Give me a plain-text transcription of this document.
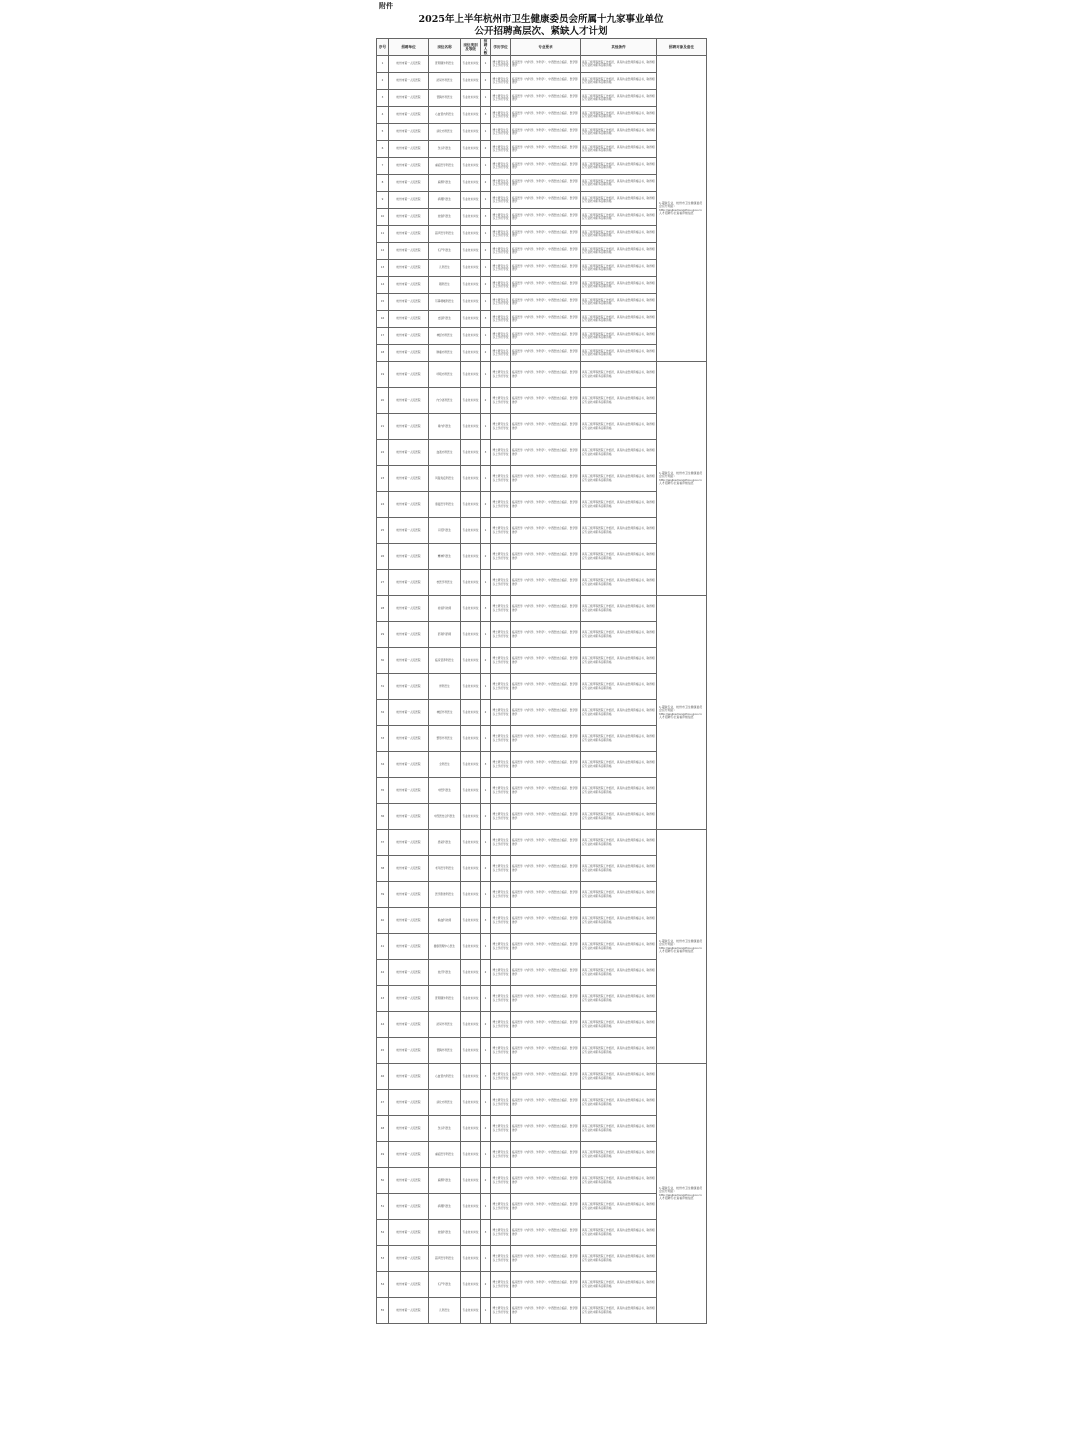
附件
2025年上半年杭州市卫生健康委员会所属十九家事业单位
公开招聘高层次、紧缺人才计划
序号	招聘单位	岗位名称	岗位类别及等级	招聘人数	学历学位	专业要求	其他条件	招聘对象及备注
1	杭州市第一人民医院	肝胆胰外科医生	专业技术岗位	1	博士研究生及以上学历学位	临床医学（内科学、外科学）、中西医结合临床、医学影像学	具有三级甲等医院工作经历，具有执业医师资格证书，取得相应专业技术职务任职资格	1.紧缺专业，杭州市卫生健康委员会官方网站：http://wsjkw.hangzhou.gov.cn 人才招聘专栏查看详细信息
2	杭州市第一人民医院	泌尿外科医生	专业技术岗位	2	博士研究生及以上学历学位	临床医学（内科学、外科学）、中西医结合临床、医学影像学	具有三级甲等医院工作经历，具有执业医师资格证书，取得相应专业技术职务任职资格	
3	杭州市第一人民医院	普胸外科医生	专业技术岗位	1	博士研究生及以上学历学位	临床医学（内科学、外科学）、中西医结合临床、医学影像学	具有三级甲等医院工作经历，具有执业医师资格证书，取得相应专业技术职务任职资格	
4	杭州市第一人民医院	心血管内科医生	专业技术岗位	3	博士研究生及以上学历学位	临床医学（内科学、外科学）、中西医结合临床、医学影像学	具有三级甲等医院工作经历，具有执业医师资格证书，取得相应专业技术职务任职资格	
5	杭州市第一人民医院	消化内科医生	专业技术岗位	1	博士研究生及以上学历学位	临床医学（内科学、外科学）、中西医结合临床、医学影像学	具有三级甲等医院工作经历，具有执业医师资格证书，取得相应专业技术职务任职资格	
6	杭州市第一人民医院	急诊科医生	专业技术岗位	2	博士研究生及以上学历学位	临床医学（内科学、外科学）、中西医结合临床、医学影像学	具有三级甲等医院工作经历，具有执业医师资格证书，取得相应专业技术职务任职资格	
7	杭州市第一人民医院	重症医学科医生	专业技术岗位	1	博士研究生及以上学历学位	临床医学（内科学、外科学）、中西医结合临床、医学影像学	具有三级甲等医院工作经历，具有执业医师资格证书，取得相应专业技术职务任职资格	
8	杭州市第一人民医院	麻醉科医生	专业技术岗位	2	博士研究生及以上学历学位	临床医学（内科学、外科学）、中西医结合临床、医学影像学	具有三级甲等医院工作经历，具有执业医师资格证书，取得相应专业技术职务任职资格	
9	杭州市第一人民医院	病理科医生	专业技术岗位	1	博士研究生及以上学历学位	临床医学（内科学、外科学）、中西医结合临床、医学影像学	具有三级甲等医院工作经历，具有执业医师资格证书，取得相应专业技术职务任职资格	
10	杭州市第一人民医院	放射科医生	专业技术岗位	3	博士研究生及以上学历学位	临床医学（内科学、外科学）、中西医结合临床、医学影像学	具有三级甲等医院工作经历，具有执业医师资格证书，取得相应专业技术职务任职资格	
11	杭州市第一人民医院	超声医学科医生	专业技术岗位	1	博士研究生及以上学历学位	临床医学（内科学、外科学）、中西医结合临床、医学影像学	具有三级甲等医院工作经历，具有执业医师资格证书，取得相应专业技术职务任职资格	
12	杭州市第一人民医院	妇产科医生	专业技术岗位	2	博士研究生及以上学历学位	临床医学（内科学、外科学）、中西医结合临床、医学影像学	具有三级甲等医院工作经历，具有执业医师资格证书，取得相应专业技术职务任职资格	
13	杭州市第一人民医院	儿科医生	专业技术岗位	1	博士研究生及以上学历学位	临床医学（内科学、外科学）、中西医结合临床、医学影像学	具有三级甲等医院工作经历，具有执业医师资格证书，取得相应专业技术职务任职资格	
14	杭州市第一人民医院	眼科医生	专业技术岗位	2	博士研究生及以上学历学位	临床医学（内科学、外科学）、中西医结合临床、医学影像学	具有三级甲等医院工作经历，具有执业医师资格证书，取得相应专业技术职务任职资格	
15	杭州市第一人民医院	耳鼻咽喉科医生	专业技术岗位	1	博士研究生及以上学历学位	临床医学（内科学、外科学）、中西医结合临床、医学影像学	具有三级甲等医院工作经历，具有执业医师资格证书，取得相应专业技术职务任职资格	
16	杭州市第一人民医院	皮肤科医生	专业技术岗位	3	博士研究生及以上学历学位	临床医学（内科学、外科学）、中西医结合临床、医学影像学	具有三级甲等医院工作经历，具有执业医师资格证书，取得相应专业技术职务任职资格	
17	杭州市第一人民医院	神经内科医生	专业技术岗位	1	博士研究生及以上学历学位	临床医学（内科学、外科学）、中西医结合临床、医学影像学	具有三级甲等医院工作经历，具有执业医师资格证书，取得相应专业技术职务任职资格	
18	杭州市第一人民医院	肿瘤内科医生	专业技术岗位	2	博士研究生及以上学历学位	临床医学（内科学、外科学）、中西医结合临床、医学影像学	具有三级甲等医院工作经历，具有执业医师资格证书，取得相应专业技术职务任职资格	
19	杭州市第一人民医院	呼吸内科医生	专业技术岗位	1	博士研究生及以上学历学位	临床医学（内科学、外科学）、中西医结合临床、医学影像学	具有三级甲等医院工作经历，具有执业医师资格证书，取得相应专业技术职务任职资格	1.紧缺专业，杭州市卫生健康委员会官方网站：http://wsjkw.hangzhou.gov.cn 人才招聘专栏查看详细信息
20	杭州市第一人民医院	内分泌科医生	专业技术岗位	2	博士研究生及以上学历学位	临床医学（内科学、外科学）、中西医结合临床、医学影像学	具有三级甲等医院工作经历，具有执业医师资格证书，取得相应专业技术职务任职资格	
21	杭州市第一人民医院	肾内科医生	专业技术岗位	1	博士研究生及以上学历学位	临床医学（内科学、外科学）、中西医结合临床、医学影像学	具有三级甲等医院工作经历，具有执业医师资格证书，取得相应专业技术职务任职资格	
22	杭州市第一人民医院	血液内科医生	专业技术岗位	3	博士研究生及以上学历学位	临床医学（内科学、外科学）、中西医结合临床、医学影像学	具有三级甲等医院工作经历，具有执业医师资格证书，取得相应专业技术职务任职资格	
23	杭州市第一人民医院	风湿免疫科医生	专业技术岗位	1	博士研究生及以上学历学位	临床医学（内科学、外科学）、中西医结合临床、医学影像学	具有三级甲等医院工作经历，具有执业医师资格证书，取得相应专业技术职务任职资格	
24	杭州市第一人民医院	康复医学科医生	专业技术岗位	2	博士研究生及以上学历学位	临床医学（内科学、外科学）、中西医结合临床、医学影像学	具有三级甲等医院工作经历，具有执业医师资格证书，取得相应专业技术职务任职资格	
25	杭州市第一人民医院	口腔科医生	专业技术岗位	1	博士研究生及以上学历学位	临床医学（内科学、外科学）、中西医结合临床、医学影像学	具有三级甲等医院工作经历，具有执业医师资格证书，取得相应专业技术职务任职资格	
26	杭州市第一人民医院	精神科医生	专业技术岗位	2	博士研究生及以上学历学位	临床医学（内科学、外科学）、中西医结合临床、医学影像学	具有三级甲等医院工作经历，具有执业医师资格证书，取得相应专业技术职务任职资格	
27	杭州市第一人民医院	核医学科医生	专业技术岗位	1	博士研究生及以上学历学位	临床医学（内科学、外科学）、中西医结合临床、医学影像学	具有三级甲等医院工作经历，具有执业医师资格证书，取得相应专业技术职务任职资格	
28	杭州市第一人民医院	检验科技师	专业技术岗位	3	博士研究生及以上学历学位	临床医学（内科学、外科学）、中西医结合临床、医学影像学	具有三级甲等医院工作经历，具有执业医师资格证书，取得相应专业技术职务任职资格	1.紧缺专业，杭州市卫生健康委员会官方网站：http://wsjkw.hangzhou.gov.cn 人才招聘专栏查看详细信息
29	杭州市第一人民医院	药剂科药师	专业技术岗位	1	博士研究生及以上学历学位	临床医学（内科学、外科学）、中西医结合临床、医学影像学	具有三级甲等医院工作经历，具有执业医师资格证书，取得相应专业技术职务任职资格	
30	杭州市第一人民医院	临床营养科医生	专业技术岗位	2	博士研究生及以上学历学位	临床医学（内科学、外科学）、中西医结合临床、医学影像学	具有三级甲等医院工作经历，具有执业医师资格证书，取得相应专业技术职务任职资格	
31	杭州市第一人民医院	骨科医生	专业技术岗位	1	博士研究生及以上学历学位	临床医学（内科学、外科学）、中西医结合临床、医学影像学	具有三级甲等医院工作经历，具有执业医师资格证书，取得相应专业技术职务任职资格	
32	杭州市第一人民医院	神经外科医生	专业技术岗位	2	博士研究生及以上学历学位	临床医学（内科学、外科学）、中西医结合临床、医学影像学	具有三级甲等医院工作经历，具有执业医师资格证书，取得相应专业技术职务任职资格	
33	杭州市第一人民医院	整形外科医生	专业技术岗位	1	博士研究生及以上学历学位	临床医学（内科学、外科学）、中西医结合临床、医学影像学	具有三级甲等医院工作经历，具有执业医师资格证书，取得相应专业技术职务任职资格	
34	杭州市第一人民医院	全科医生	专业技术岗位	3	博士研究生及以上学历学位	临床医学（内科学、外科学）、中西医结合临床、医学影像学	具有三级甲等医院工作经历，具有执业医师资格证书，取得相应专业技术职务任职资格	
35	杭州市第一人民医院	中医科医生	专业技术岗位	1	博士研究生及以上学历学位	临床医学（内科学、外科学）、中西医结合临床、医学影像学	具有三级甲等医院工作经历，具有执业医师资格证书，取得相应专业技术职务任职资格	
36	杭州市第一人民医院	中西医结合科医生	专业技术岗位	2	博士研究生及以上学历学位	临床医学（内科学、外科学）、中西医结合临床、医学影像学	具有三级甲等医院工作经历，具有执业医师资格证书，取得相应专业技术职务任职资格	
37	杭州市第一人民医院	感染科医生	专业技术岗位	1	博士研究生及以上学历学位	临床医学（内科学、外科学）、中西医结合临床、医学影像学	具有三级甲等医院工作经历，具有执业医师资格证书，取得相应专业技术职务任职资格	1.紧缺专业，杭州市卫生健康委员会官方网站：http://wsjkw.hangzhou.gov.cn 人才招聘专栏查看详细信息
38	杭州市第一人民医院	老年医学科医生	专业技术岗位	2	博士研究生及以上学历学位	临床医学（内科学、外科学）、中西医结合临床、医学影像学	具有三级甲等医院工作经历，具有执业医师资格证书，取得相应专业技术职务任职资格	
39	杭州市第一人民医院	医学影像科医生	专业技术岗位	1	博士研究生及以上学历学位	临床医学（内科学、外科学）、中西医结合临床、医学影像学	具有三级甲等医院工作经历，具有执业医师资格证书，取得相应专业技术职务任职资格	
40	杭州市第一人民医院	输血科技师	专业技术岗位	3	博士研究生及以上学历学位	临床医学（内科学、外科学）、中西医结合临床、医学影像学	具有三级甲等医院工作经历，具有执业医师资格证书，取得相应专业技术职务任职资格	
41	杭州市第一人民医院	健康管理中心医生	专业技术岗位	1	博士研究生及以上学历学位	临床医学（内科学、外科学）、中西医结合临床、医学影像学	具有三级甲等医院工作经历，具有执业医师资格证书，取得相应专业技术职务任职资格	
42	杭州市第一人民医院	放疗科医生	专业技术岗位	2	博士研究生及以上学历学位	临床医学（内科学、外科学）、中西医结合临床、医学影像学	具有三级甲等医院工作经历，具有执业医师资格证书，取得相应专业技术职务任职资格	
43	杭州市第一人民医院	肝胆胰外科医生	专业技术岗位	1	博士研究生及以上学历学位	临床医学（内科学、外科学）、中西医结合临床、医学影像学	具有三级甲等医院工作经历，具有执业医师资格证书，取得相应专业技术职务任职资格	
44	杭州市第一人民医院	泌尿外科医生	专业技术岗位	2	博士研究生及以上学历学位	临床医学（内科学、外科学）、中西医结合临床、医学影像学	具有三级甲等医院工作经历，具有执业医师资格证书，取得相应专业技术职务任职资格	
45	杭州市第一人民医院	普胸外科医生	专业技术岗位	1	博士研究生及以上学历学位	临床医学（内科学、外科学）、中西医结合临床、医学影像学	具有三级甲等医院工作经历，具有执业医师资格证书，取得相应专业技术职务任职资格	
46	杭州市第一人民医院	心血管内科医生	专业技术岗位	3	博士研究生及以上学历学位	临床医学（内科学、外科学）、中西医结合临床、医学影像学	具有三级甲等医院工作经历，具有执业医师资格证书，取得相应专业技术职务任职资格	1.紧缺专业，杭州市卫生健康委员会官方网站：http://wsjkw.hangzhou.gov.cn 人才招聘专栏查看详细信息
47	杭州市第一人民医院	消化内科医生	专业技术岗位	1	博士研究生及以上学历学位	临床医学（内科学、外科学）、中西医结合临床、医学影像学	具有三级甲等医院工作经历，具有执业医师资格证书，取得相应专业技术职务任职资格	
48	杭州市第一人民医院	急诊科医生	专业技术岗位	2	博士研究生及以上学历学位	临床医学（内科学、外科学）、中西医结合临床、医学影像学	具有三级甲等医院工作经历，具有执业医师资格证书，取得相应专业技术职务任职资格	
49	杭州市第一人民医院	重症医学科医生	专业技术岗位	1	博士研究生及以上学历学位	临床医学（内科学、外科学）、中西医结合临床、医学影像学	具有三级甲等医院工作经历，具有执业医师资格证书，取得相应专业技术职务任职资格	
50	杭州市第一人民医院	麻醉科医生	专业技术岗位	2	博士研究生及以上学历学位	临床医学（内科学、外科学）、中西医结合临床、医学影像学	具有三级甲等医院工作经历，具有执业医师资格证书，取得相应专业技术职务任职资格	
51	杭州市第一人民医院	病理科医生	专业技术岗位	1	博士研究生及以上学历学位	临床医学（内科学、外科学）、中西医结合临床、医学影像学	具有三级甲等医院工作经历，具有执业医师资格证书，取得相应专业技术职务任职资格	
52	杭州市第一人民医院	放射科医生	专业技术岗位	3	博士研究生及以上学历学位	临床医学（内科学、外科学）、中西医结合临床、医学影像学	具有三级甲等医院工作经历，具有执业医师资格证书，取得相应专业技术职务任职资格	
53	杭州市第一人民医院	超声医学科医生	专业技术岗位	1	博士研究生及以上学历学位	临床医学（内科学、外科学）、中西医结合临床、医学影像学	具有三级甲等医院工作经历，具有执业医师资格证书，取得相应专业技术职务任职资格	
54	杭州市第一人民医院	妇产科医生	专业技术岗位	2	博士研究生及以上学历学位	临床医学（内科学、外科学）、中西医结合临床、医学影像学	具有三级甲等医院工作经历，具有执业医师资格证书，取得相应专业技术职务任职资格	
55	杭州市第一人民医院	儿科医生	专业技术岗位	1	博士研究生及以上学历学位	临床医学（内科学、外科学）、中西医结合临床、医学影像学	具有三级甲等医院工作经历，具有执业医师资格证书，取得相应专业技术职务任职资格	
